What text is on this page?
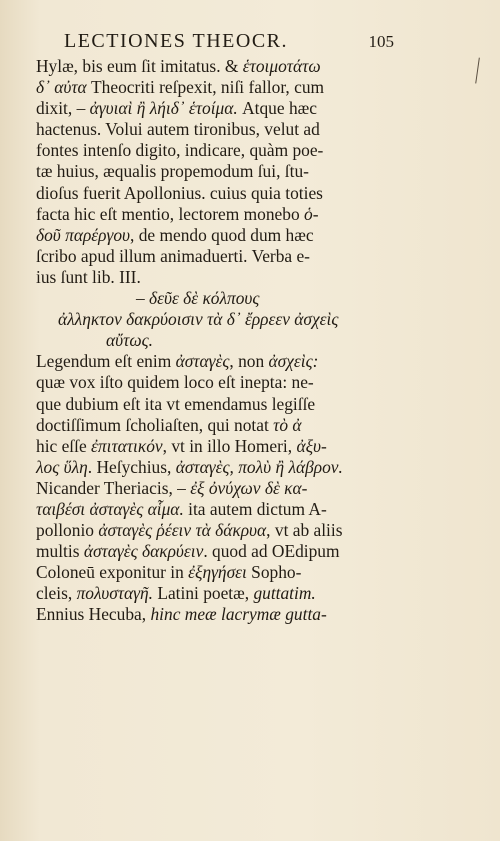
LECTIONES THEOCR.	105
Hylæ, bis eum ſit imitatus. & ἑτοιμοτάτω
δ᾽ αὐτα Theocriti reſpexit, niſi fallor, cum
dixit, – ἀγυιαὶ ἢ λήιδ᾽ ἑτοίμα. Atque hæc
hactenus. Volui autem tironibus, velut ad
fontes intenſo digito, indicare, quàm poe-
tæ huius, æqualis propemodum ſui, ſtu-
dioſus fuerit Apollonius. cuius quia toties
facta hic eſt mentio, lectorem monebo ὁ-
δοῦ παρέργου, de mendo quod dum hæc
ſcribo apud illum animaduerti. Verba e-
ius ſunt lib. III.
– δεῦε δὲ κόλπους
ἀλληκτον δακρύοισιν τὰ δ᾽ ἔρρεεν ἀσχεὶς
αὔτως.
Legendum eſt enim ἀσταγὲς, non ἀσχεὶς:
quæ vox iſto quidem loco eſt inepta: ne-
que dubium eſt ita vt emendamus legiſſe
doctiſſimum ſcholiaſten, qui notat τὸ ἀ
hic eſſe ἐπιτατικόν, vt in illo Homeri, ἀξυ-
λος ὕλη. Heſychius, ἀσταγὲς, πολὺ ἢ λάβρον.
Nicander Theriacis, – ἐξ ὀνύχων δὲ κα-
ταιβέσι ἀσταγὲς αἷμα. ita autem dictum A-
pollonio ἀσταγὲς ῥέειν τὰ δάκρυα, vt ab aliis
multis ἀσταγὲς δακρύειν. quod ad OEdipum
Coloneū exponitur in ἐξηγήσει Sopho-
cleis, πολυσταγῆ. Latini poetæ, guttatim.
Ennius Hecuba, hinc meæ lacrymæ gutta-
